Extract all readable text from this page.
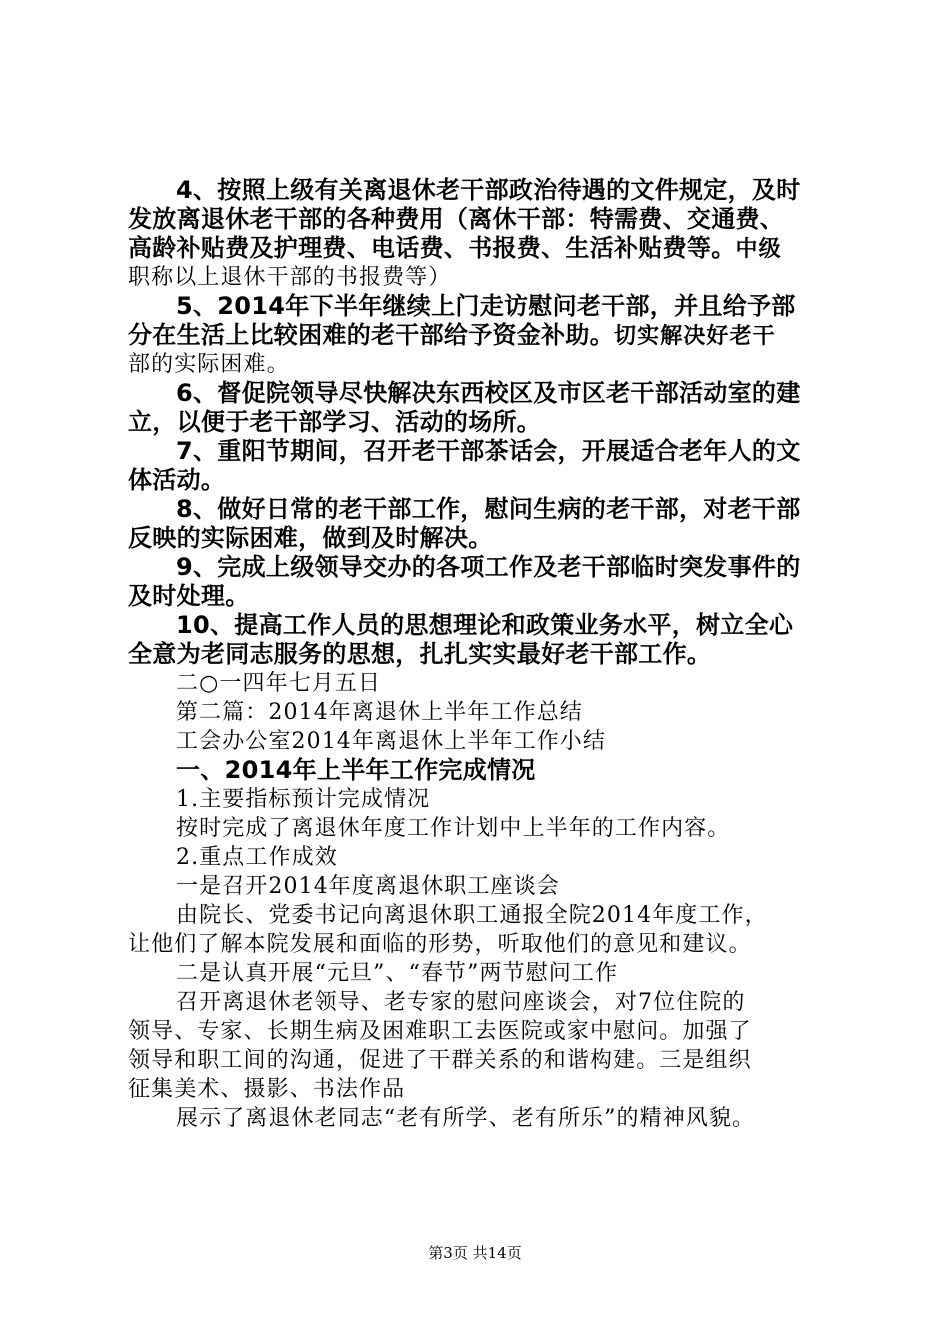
4、按照上级有关离退休老干部政治待遇的文件规定，及时
发放离退休老干部的各种费用（离休干部：特需费、交通费、
高龄补贴费及护理费、电话费、书报费、生活补贴费等。中级
职称以上退休干部的书报费等）
5、2014年下半年继续上门走访慰问老干部，并且给予部
分在生活上比较困难的老干部给予资金补助。切实解决好老干
部的实际困难。
6、督促院领导尽快解决东西校区及市区老干部活动室的建
立，以便于老干部学习、活动的场所。
7、重阳节期间，召开老干部茶话会，开展适合老年人的文
体活动。
8、做好日常的老干部工作，慰问生病的老干部，对老干部
反映的实际困难，做到及时解决。
9、完成上级领导交办的各项工作及老干部临时突发事件的
及时处理。
10、提高工作人员的思想理论和政策业务水平，树立全心
全意为老同志服务的思想，扎扎实实最好老干部工作。
二○一四年七月五日
第二篇：2014年离退休上半年工作总结
工会办公室2014年离退休上半年工作小结
一、2014年上半年工作完成情况
1.主要指标预计完成情况
按时完成了离退休年度工作计划中上半年的工作内容。
2.重点工作成效
一是召开2014年度离退休职工座谈会
由院长、党委书记向离退休职工通报全院2014年度工作，
让他们了解本院发展和面临的形势，听取他们的意见和建议。
二是认真开展“元旦”、“春节”两节慰问工作
召开离退休老领导、老专家的慰问座谈会，对7位住院的
领导、专家、长期生病及困难职工去医院或家中慰问。加强了
领导和职工间的沟通，促进了干群关系的和谐构建。三是组织
征集美术、摄影、书法作品
展示了离退休老同志“老有所学、老有所乐”的精神风貌。
第3页 共14页
